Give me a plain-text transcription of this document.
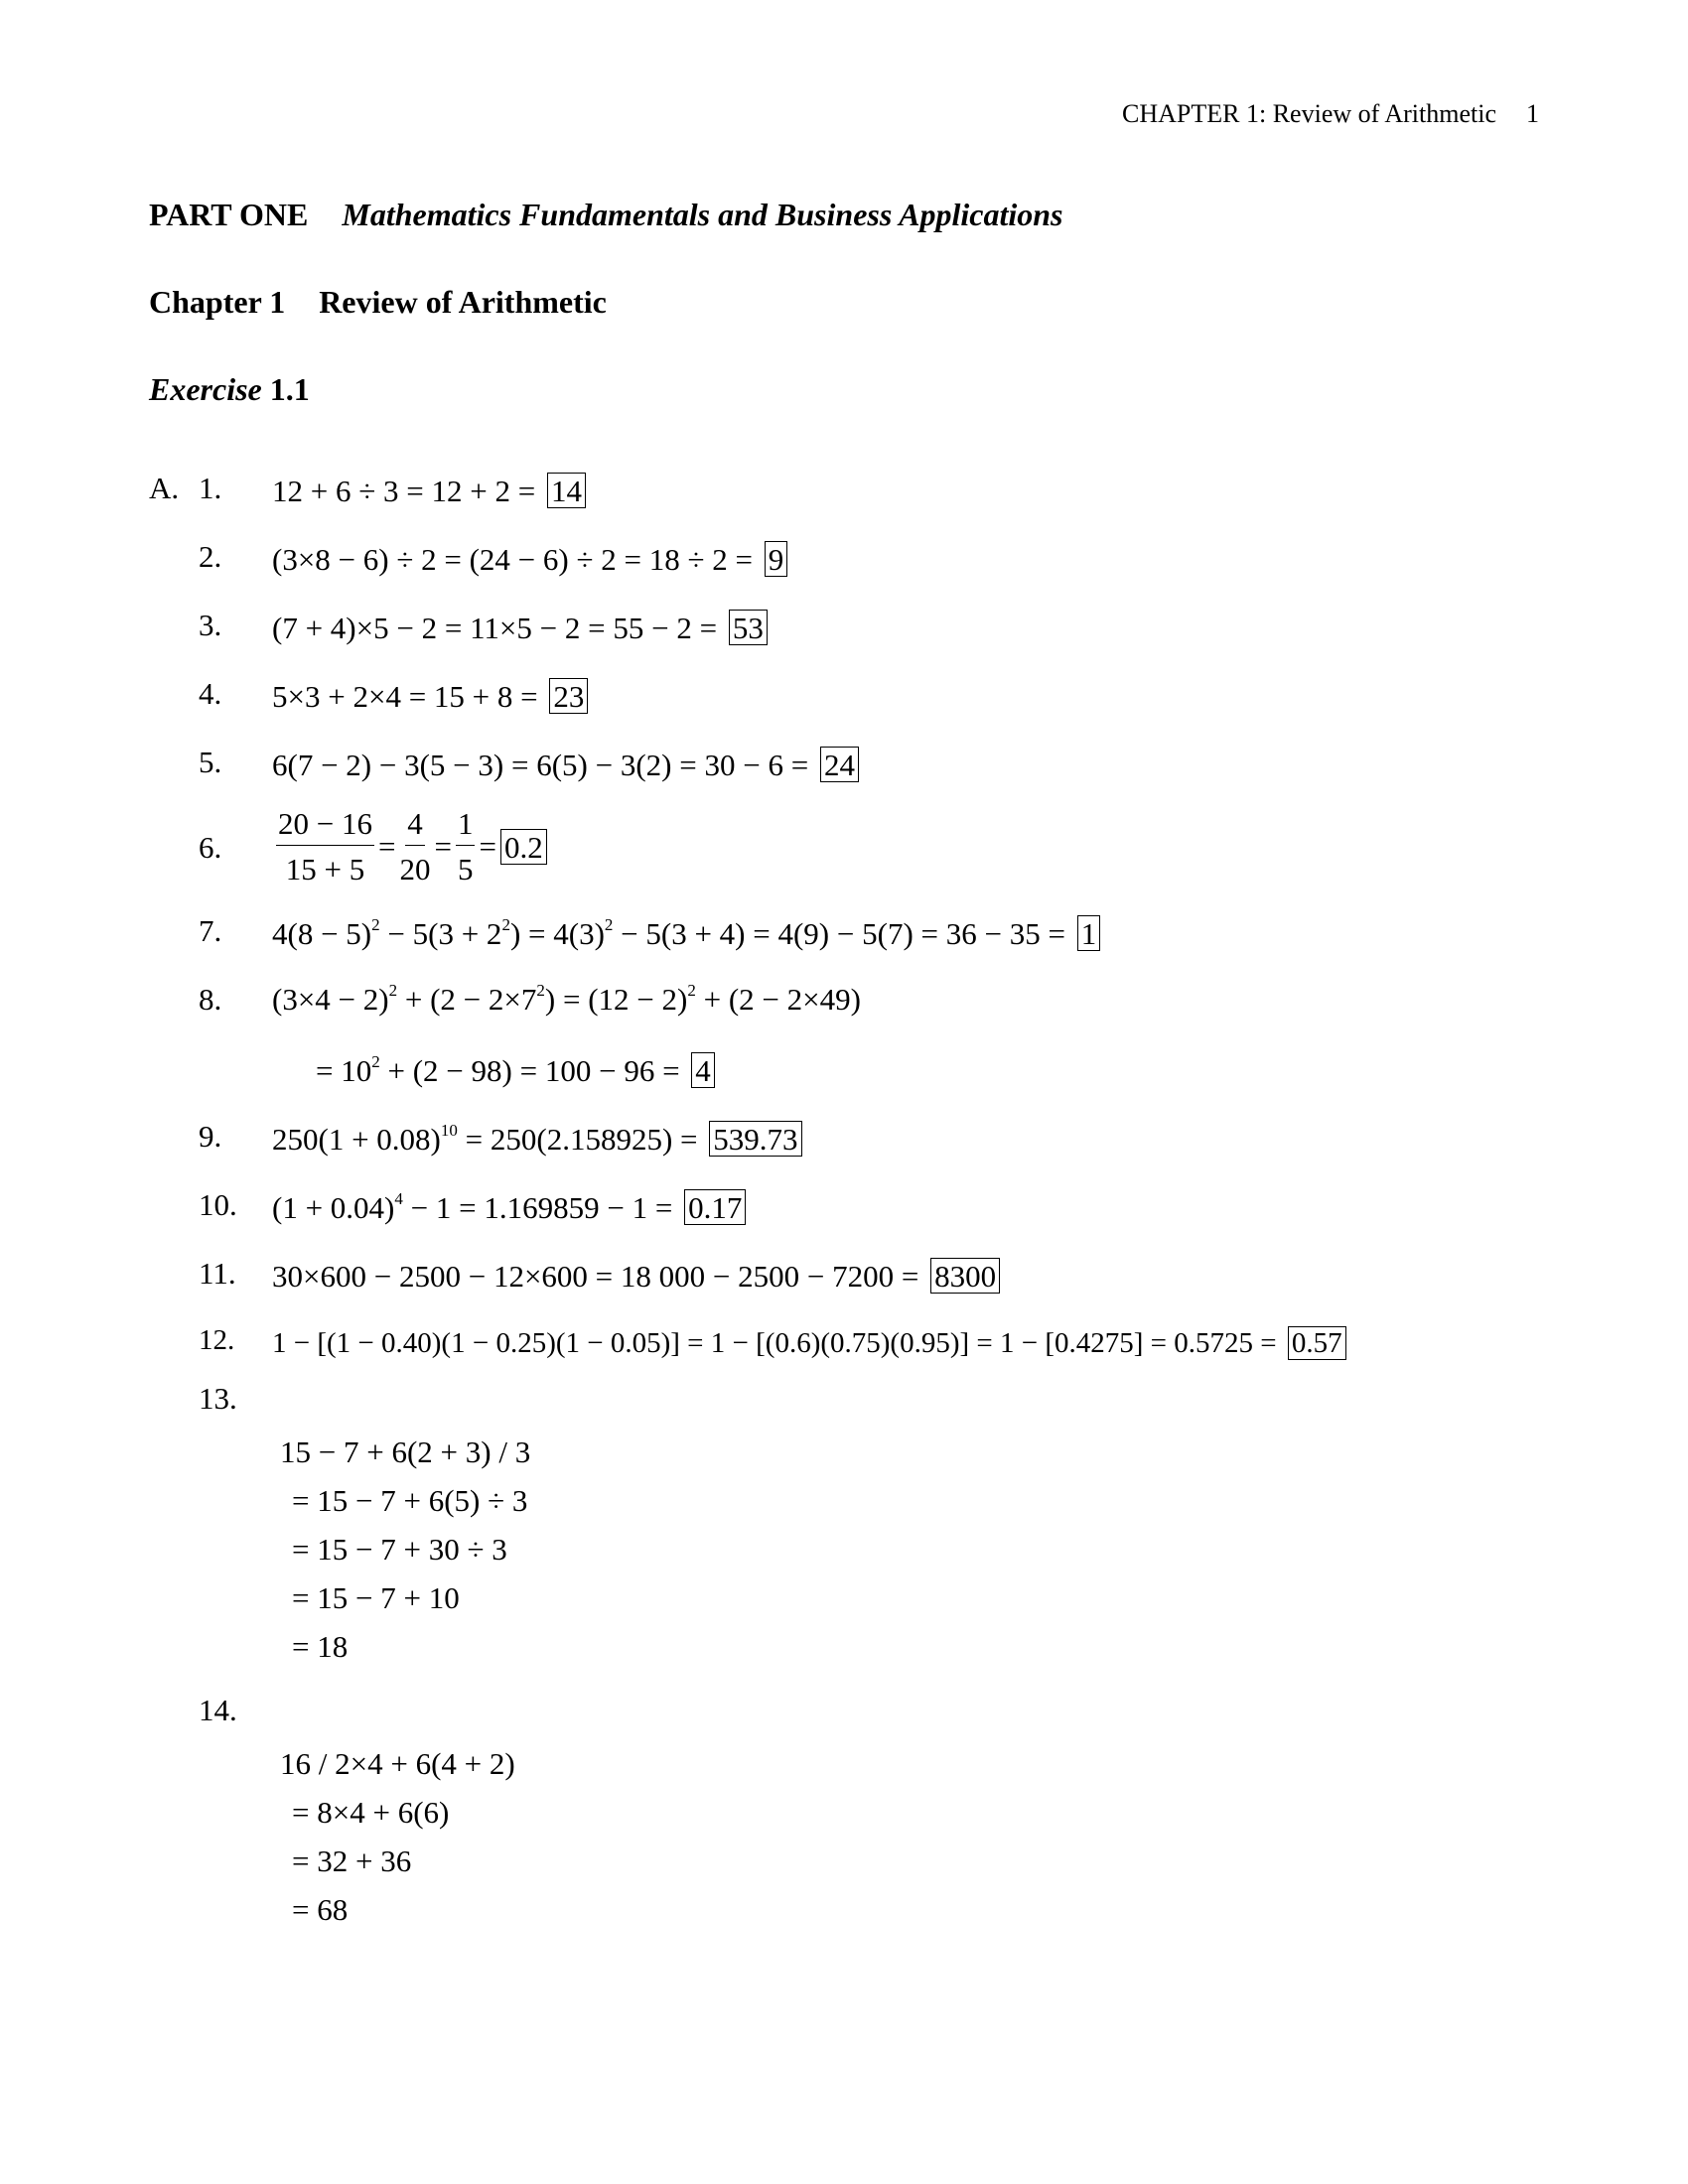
CHAPTER 1: Review of Arithmetic 1
PART ONE Mathematics Fundamentals and Business Applications
Chapter 1 Review of Arithmetic
Exercise 1.1
A. 1. 12 + 6 ÷ 3 = 12 + 2 = 14
2. (3×8 − 6) ÷ 2 = (24 − 6) ÷ 2 = 18 ÷ 2 = 9
3. (7 + 4)×5 − 2 = 11×5 − 2 = 55 − 2 = 53
4. 5×3 + 2×4 = 15 + 8 = 23
5. 6(7 − 2) − 3(5 − 3) = 6(5) − 3(2) = 30 − 6 = 24
6. $\frac{20 - 16}{15 + 5} = \frac{4}{20} = \frac{1}{5} = 0.2$
7. $4(8 - 5)^2 - 5(3 + 2^2) = 4(3)^2 - 5(3 + 4) = 4(9) - 5(7) = 36 - 35 = 1$
8. $(3\times 4 - 2)^2 + (2 - 2\times 7^2) = (12 - 2)^2 + (2 - 2\times 49)$
= $10^2 + (2 - 98) = 100 - 96 = 4$
9. $250(1 + 0.08)^{10} = 250(2.158925) = 539.73$
10. $(1 + 0.04)^4 - 1 = 1.169859 - 1 = 0.17$
11. 30×600 − 2500 − 12×600 = 18 000 − 2500 − 7200 = 8300
12. 1 − [(1 − 0.40)(1 − 0.25)(1 − 0.05)] = 1 − [(0.6)(0.75)(0.95)] = 1 − [0.4275] = 0.5725 = 0.57
13.
15 − 7 + 6(2 + 3) / 3
= 15 − 7 + 6(5) ÷ 3
= 15 − 7 + 30 ÷ 3
= 15 − 7 + 10
= 18
14.
16 / 2×4 + 6(4 + 2)
= 8×4 + 6(6)
= 32 + 36
= 68
